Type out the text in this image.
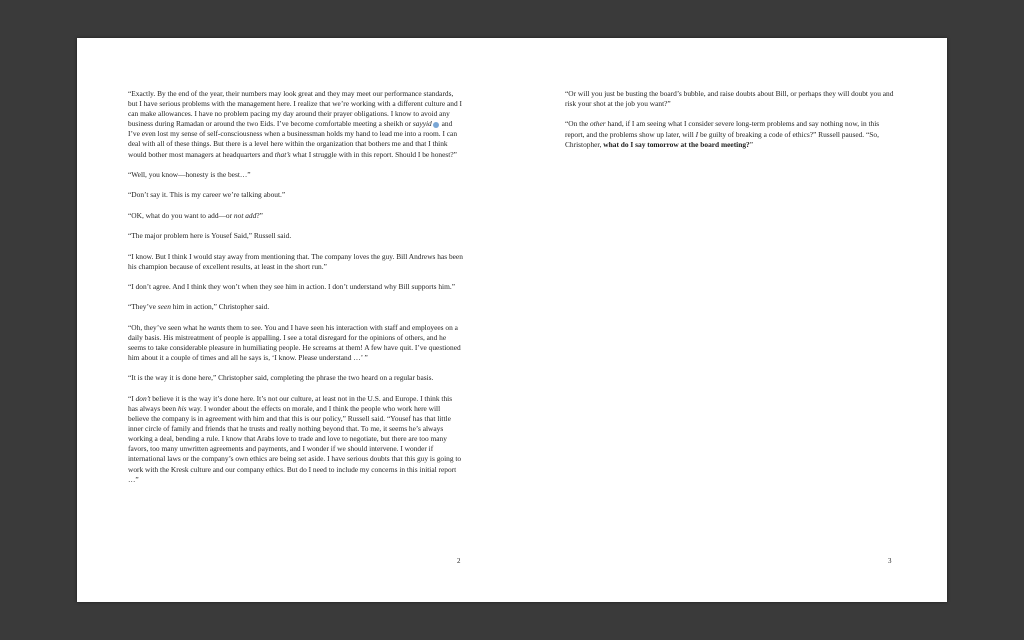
“Exactly. By the end of the year, their numbers may look great and they may meet our performance standards, but I have serious problems with the management here. I realize that we’re working with a different culture and I can make allowances. I have no problem pacing my day around their prayer obligations. I know to avoid any business during Ramadan or around the two Eids. I’ve become comfortable meeting a sheikh or sayyid and I’ve even lost my sense of self-consciousness when a businessman holds my hand to lead me into a room. I can deal with all of these things. But there is a level here within the organization that bothers me and that I think would bother most managers at headquarters and that’s what I struggle with in this report. Should I be honest?”

“Well, you know—honesty is the best…”

“Don’t say it. This is my career we’re talking about.”

“OK, what do you want to add—or not add?”

“The major problem here is Yousef Said,” Russell said.

“I know. But I think I would stay away from mentioning that. The company loves the guy. Bill Andrews has been his champion because of excellent results, at least in the short run.”

“I don’t agree. And I think they won’t when they see him in action. I don’t understand why Bill supports him.”

“They’ve seen him in action,” Christopher said.

“Oh, they’ve seen what he wants them to see. You and I have seen his interaction with staff and employees on a daily basis. His mistreatment of people is appalling. I see a total disregard for the opinions of others, and he seems to take considerable pleasure in humiliating people. He screams at them! A few have quit. I’ve questioned him about it a couple of times and all he says is, ‘I know. Please understand …’ ”

“It is the way it is done here,” Christopher said, completing the phrase the two heard on a regular basis.

“I don’t believe it is the way it’s done here. It’s not our culture, at least not in the U.S. and Europe. I think this has always been his way. I wonder about the effects on morale, and I think the people who work here will believe the company is in agreement with him and that this is our policy,” Russell said. “Yousef has that little inner circle of family and friends that he trusts and really nothing beyond that. To me, it seems he’s always working a deal, bending a rule. I know that Arabs love to trade and love to negotiate, but there are too many favors, too many unwritten agreements and payments, and I wonder if we should intervene. I wonder if international laws or the company’s own ethics are being set aside. I have serious doubts that this guy is going to work with the Kresk culture and our company ethics. But do I need to include my concerns in this initial report …”

2

“Or will you just be busting the board’s bubble, and raise doubts about Bill, or perhaps they will doubt you and risk your shot at the job you want?”

“On the other hand, if I am seeing what I consider severe long-term problems and say nothing now, in this report, and the problems show up later, will I be guilty of breaking a code of ethics?” Russell paused. “So, Christopher, what do I say tomorrow at the board meeting?”

3
